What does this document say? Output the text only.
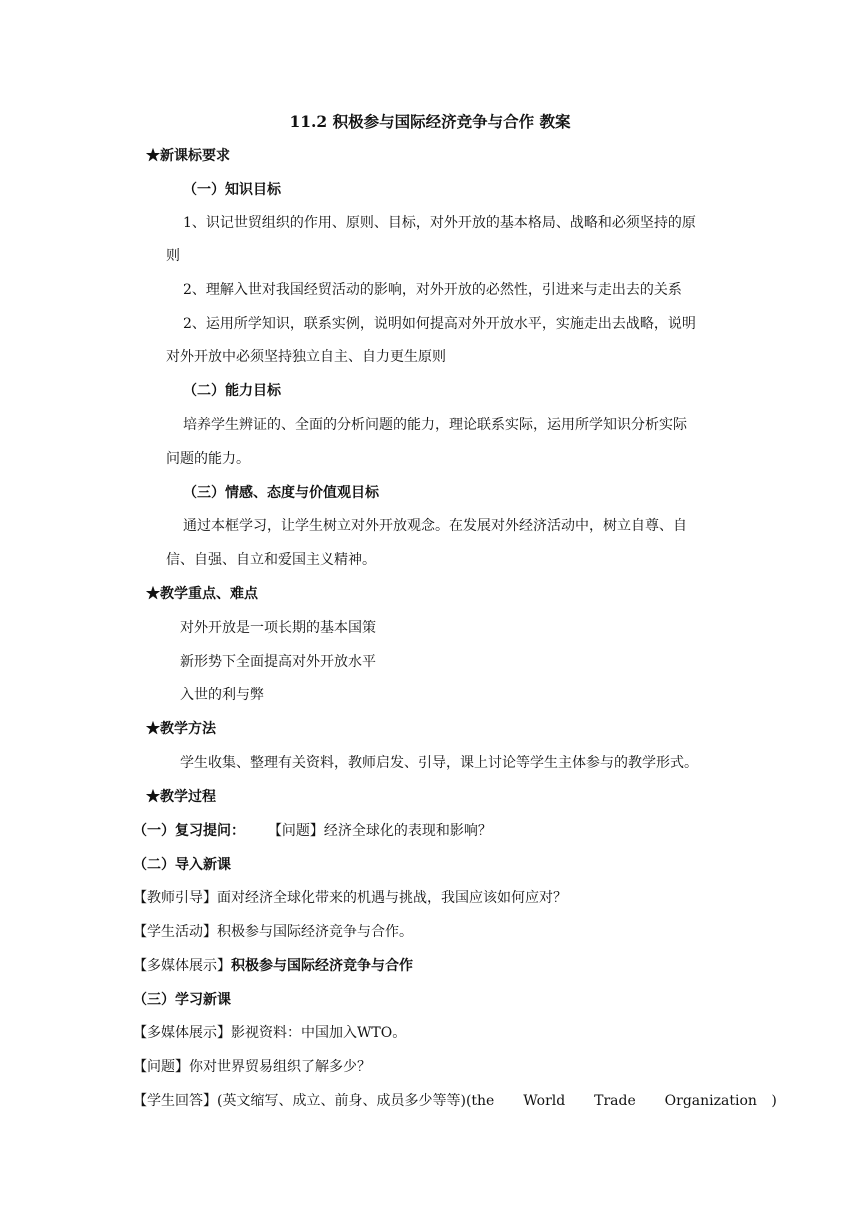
11.2 积极参与国际经济竞争与合作 教案
★新课标要求
（一）知识目标
1、识记世贸组织的作用、原则、目标，对外开放的基本格局、战略和必须坚持的原
则
2、理解入世对我国经贸活动的影响，对外开放的必然性，引进来与走出去的关系
2、运用所学知识，联系实例，说明如何提高对外开放水平，实施走出去战略，说明
对外开放中必须坚持独立自主、自力更生原则
（二）能力目标
培养学生辨证的、全面的分析问题的能力，理论联系实际，运用所学知识分析实际
问题的能力。
（三）情感、态度与价值观目标
通过本框学习，让学生树立对外开放观念。在发展对外经济活动中，树立自尊、自
信、自强、自立和爱国主义精神。
★教学重点、难点
对外开放是一项长期的基本国策
新形势下全面提高对外开放水平
入世的利与弊
★教学方法
学生收集、整理有关资料，教师启发、引导，课上讨论等学生主体参与的教学形式。
★教学过程
（一）复习提问： 【问题】经济全球化的表现和影响？
（二）导入新课
【教师引导】面对经济全球化带来的机遇与挑战，我国应该如何应对？
【学生活动】积极参与国际经济竞争与合作。
【多媒体展示】积极参与国际经济竞争与合作
（三）学习新课
【多媒体展示】影视资料：中国加入WTO。
【问题】你对世界贸易组织了解多少？
【学生回答】(英文缩写、成立、前身、成员多少等等)(the  World  Trade  Organization )
